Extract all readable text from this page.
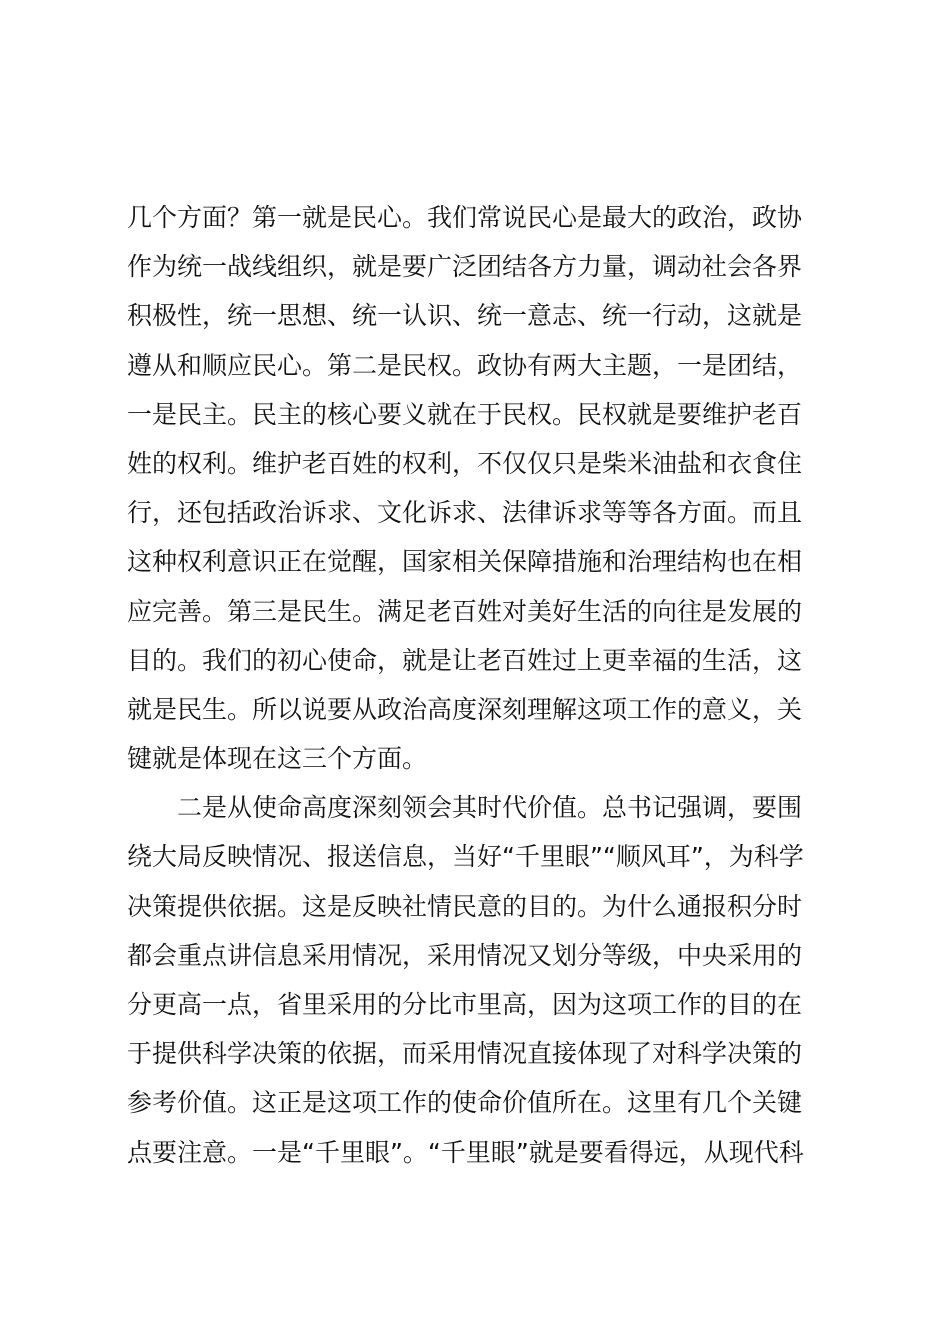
几个方面？第一就是民心。我们常说民心是最大的政治，政协
作为统一战线组织，就是要广泛团结各方力量，调动社会各界
积极性，统一思想、统一认识、统一意志、统一行动，这就是
遵从和顺应民心。第二是民权。政协有两大主题，一是团结，
一是民主。民主的核心要义就在于民权。民权就是要维护老百
姓的权利。维护老百姓的权利，不仅仅只是柴米油盐和衣食住
行，还包括政治诉求、文化诉求、法律诉求等等各方面。而且
这种权利意识正在觉醒，国家相关保障措施和治理结构也在相
应完善。第三是民生。满足老百姓对美好生活的向往是发展的
目的。我们的初心使命，就是让老百姓过上更幸福的生活，这
就是民生。所以说要从政治高度深刻理解这项工作的意义，关
键就是体现在这三个方面。
二是从使命高度深刻领会其时代价值。总书记强调，要围
绕大局反映情况、报送信息，当好“千里眼”“顺风耳”，为科学
决策提供依据。这是反映社情民意的目的。为什么通报积分时
都会重点讲信息采用情况，采用情况又划分等级，中央采用的
分更高一点，省里采用的分比市里高，因为这项工作的目的在
于提供科学决策的依据，而采用情况直接体现了对科学决策的
参考价值。这正是这项工作的使命价值所在。这里有几个关键
点要注意。一是“千里眼”。“千里眼”就是要看得远，从现代科
